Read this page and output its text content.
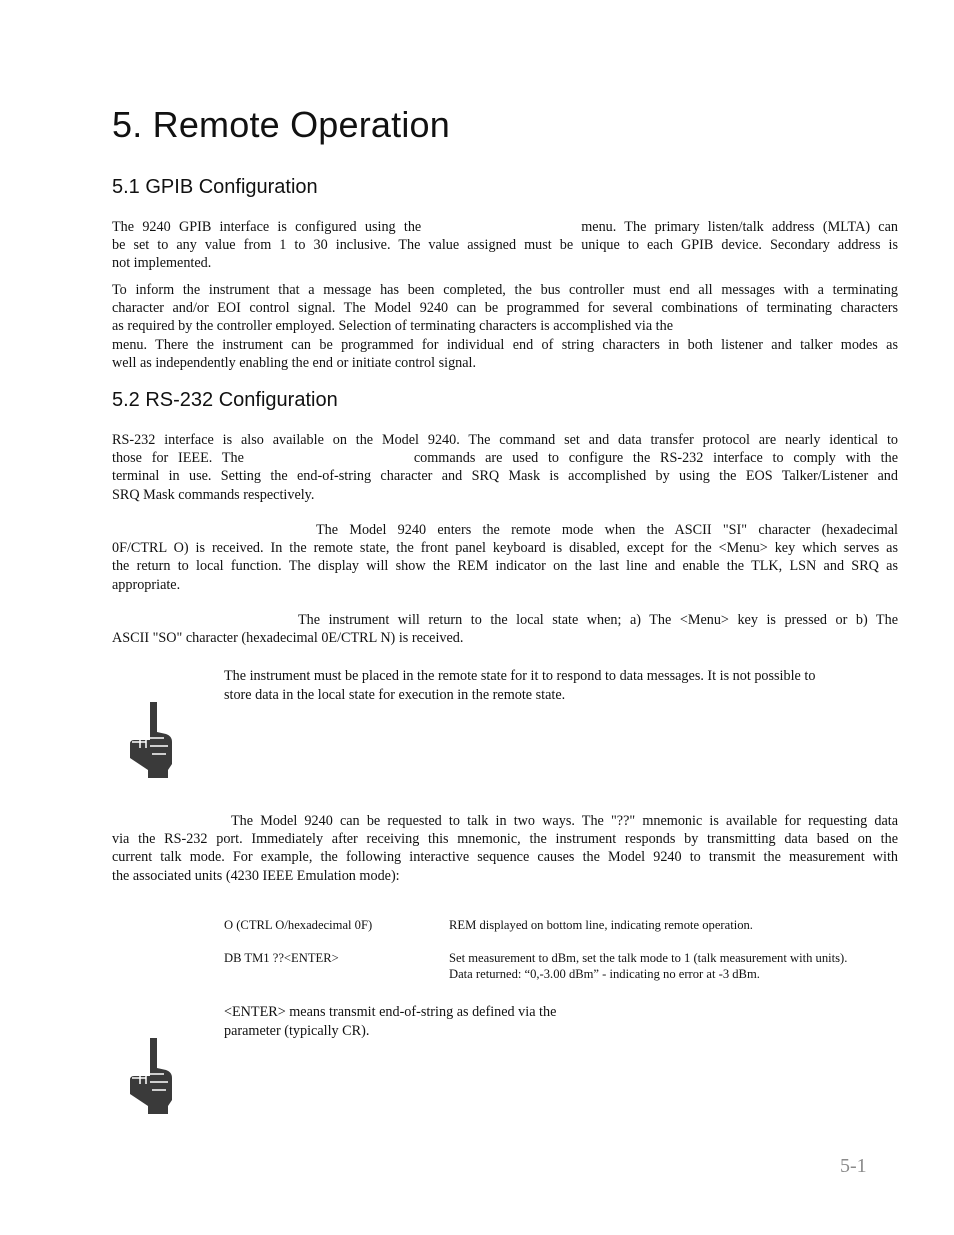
5. Remote Operation
5.1 GPIB Configuration
The 9240 GPIB interface is configured using the	menu. The primary listen/talk address (MLTA) can
be set to any value from 1 to 30 inclusive. The value assigned must be unique to each GPIB device. Secondary address is
not implemented.
To inform the instrument that a message has been completed, the bus controller must end all messages with a terminating
character and/or EOI control signal. The Model 9240 can be programmed for several combinations of terminating characters
as required by the controller employed. Selection of terminating characters is accomplished via the
menu. There the instrument can be programmed for individual end of string characters in both listener and talker modes as
well as independently enabling the end or initiate control signal.
5.2 RS-232 Configuration
RS-232 interface is also available on the Model 9240. The command set and data transfer protocol are nearly identical to
those for IEEE. The	commands are used to configure the RS-232 interface to comply with the
terminal in use. Setting the end-of-string character and SRQ Mask is accomplished by using the EOS Talker/Listener and
SRQ Mask commands respectively.
The Model 9240 enters the remote mode when the ASCII "SI" character (hexadecimal
0F/CTRL O) is received. In the remote state, the front panel keyboard is disabled, except for the <Menu> key which serves as
the return to local function. The display will show the REM indicator on the last line and enable the TLK, LSN and SRQ as
appropriate.
The instrument will return to the local state when; a) The <Menu> key is pressed or b) The
ASCII "SO" character (hexadecimal 0E/CTRL N) is received.
The instrument must be placed in the remote state for it to respond to data messages. It is not possible to
store data in the local state for execution in the remote state.
The Model 9240 can be requested to talk in two ways. The "??" mnemonic is available for requesting data
via the RS-232 port. Immediately after receiving this mnemonic, the instrument responds by transmitting data based on the
current talk mode. For example, the following interactive sequence causes the Model 9240 to transmit the measurement with
the associated units (4230 IEEE Emulation mode):
O (CTRL O/hexadecimal 0F)	REM displayed on bottom line, indicating remote operation.
DB TM1 ??<ENTER>	Set measurement to dBm, set the talk mode to 1 (talk measurement with units).
Data returned: “0,-3.00 dBm” - indicating no error at -3 dBm.
<ENTER> means transmit end-of-string as defined via the
parameter (typically CR).
5-1
